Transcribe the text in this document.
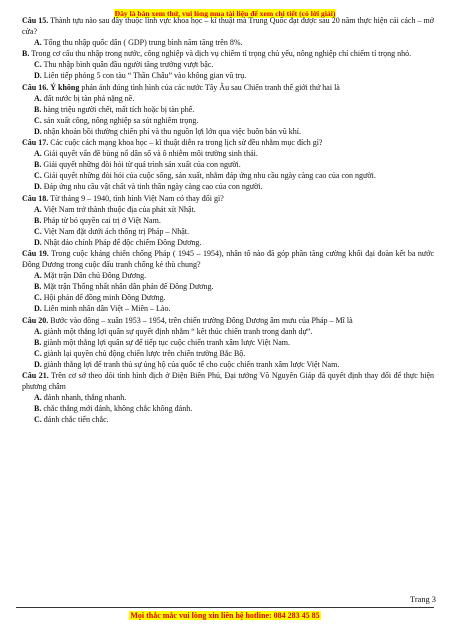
Đây là bản xem thử, vui lòng mua tài liệu để xem chi tiết (có lời giải)

Câu 15. Thành tựu nào sau đây thuộc lĩnh vực khoa học – kĩ thuật mà Trung Quốc đạt được sau 20 năm thực hiện cải cách – mở cửa?

A. Tổng thu nhập quốc dân ( GDP) trung bình năm tăng trên 8%.

B. Trong cơ cấu thu nhập trong nước, công nghiệp và dịch vụ chiếm tỉ trọng chủ yếu, nông nghiệp chỉ chiếm tỉ trọng nhỏ.

C. Thu nhập bình quân đầu người tăng trưởng vượt bậc.

D. Liên tiếp phóng 5 con tàu “ Thần Châu” vào không gian vũ trụ.

Câu 16. Ý không phản ánh đúng tình hình của các nước Tây Âu sau Chiến tranh thế giới thứ hai là

A. đất nước bị tàn phá nặng nề.

B. hàng triệu người chết, mất tích hoặc bị tàn phế.

C. sản xuất công, nông nghiệp sa sút nghiêm trọng.

D. nhận khoản bồi thường chiến phí và thu nguồn lợi lớn qua việc buôn bán vũ khí.

Câu 17. Các cuộc cách mạng khoa học – kĩ thuật diễn ra trong lịch sử đều nhằm mục đích gì?

A. Giải quyết vấn đề bùng nổ dân số và ô nhiễm môi trường sinh thái.

B. Giải quyết những đòi hỏi từ quá trình sản xuất của con người.

C. Giải quyết những đòi hỏi của cuộc sống, sản xuất, nhằm đáp ứng nhu cầu ngày càng cao của con người.

D. Đáp ứng nhu cầu vật chất và tinh thần ngày càng cao của con người.

Câu 18. Từ tháng 9 – 1940, tình hình Việt Nam có thay đổi gì?

A. Việt Nam trở thành thuộc địa của phát xít Nhật.

B. Pháp từ bỏ quyền cai trị ở Việt Nam.

C. Việt Nam đặt dưới ách thống trị Pháp – Nhật.

D. Nhật đảo chính Pháp để độc chiếm Đông Dương.

Câu 19. Trong cuộc kháng chiến chống Pháp ( 1945 – 1954), nhân tố nào đã góp phần tăng cường khối đại đoàn kết ba nước Đông Dương trong cuộc đấu tranh chống kẻ thù chung?

A. Mặt trận Dân chủ Đông Dương.

B. Mặt trận Thống nhất nhân dân phản đế Đông Dương.

C. Hội phản đế đồng minh Đông Dương.

D. Liên minh nhân dân Việt – Miên – Lào.

Câu 20. Bước vào đông – xuân 1953 – 1954, trên chiến trường Đông Dương âm mưu của Pháp – Mĩ là

A. giành một thắng lợi quân sự quyết định nhằm “ kết thúc chiến tranh trong danh dự”.

B. giành một thắng lợi quân sự để tiếp tục cuộc chiến tranh xâm lược Việt Nam.

C. giành lại quyền chủ động chiến lược trên chiến trường Bắc Bộ.

D. giành thắng lợi để tranh thủ sự ủng hộ của quốc tế cho cuộc chiến tranh xâm lược Việt Nam.

Câu 21. Trên cơ sở theo dõi tình hình địch ở Điện Biên Phủ, Đại tướng Võ Nguyên Giáp đã quyết định thay đổi để thực hiện phương châm

A. đánh nhanh, thắng nhanh.

B. chắc thắng mới đánh, không chắc không đánh.

C. đánh chắc tiến chắc.

Trang 3
Mọi thắc mắc vui lòng xin liên hệ hotline: 084 283 45 85
